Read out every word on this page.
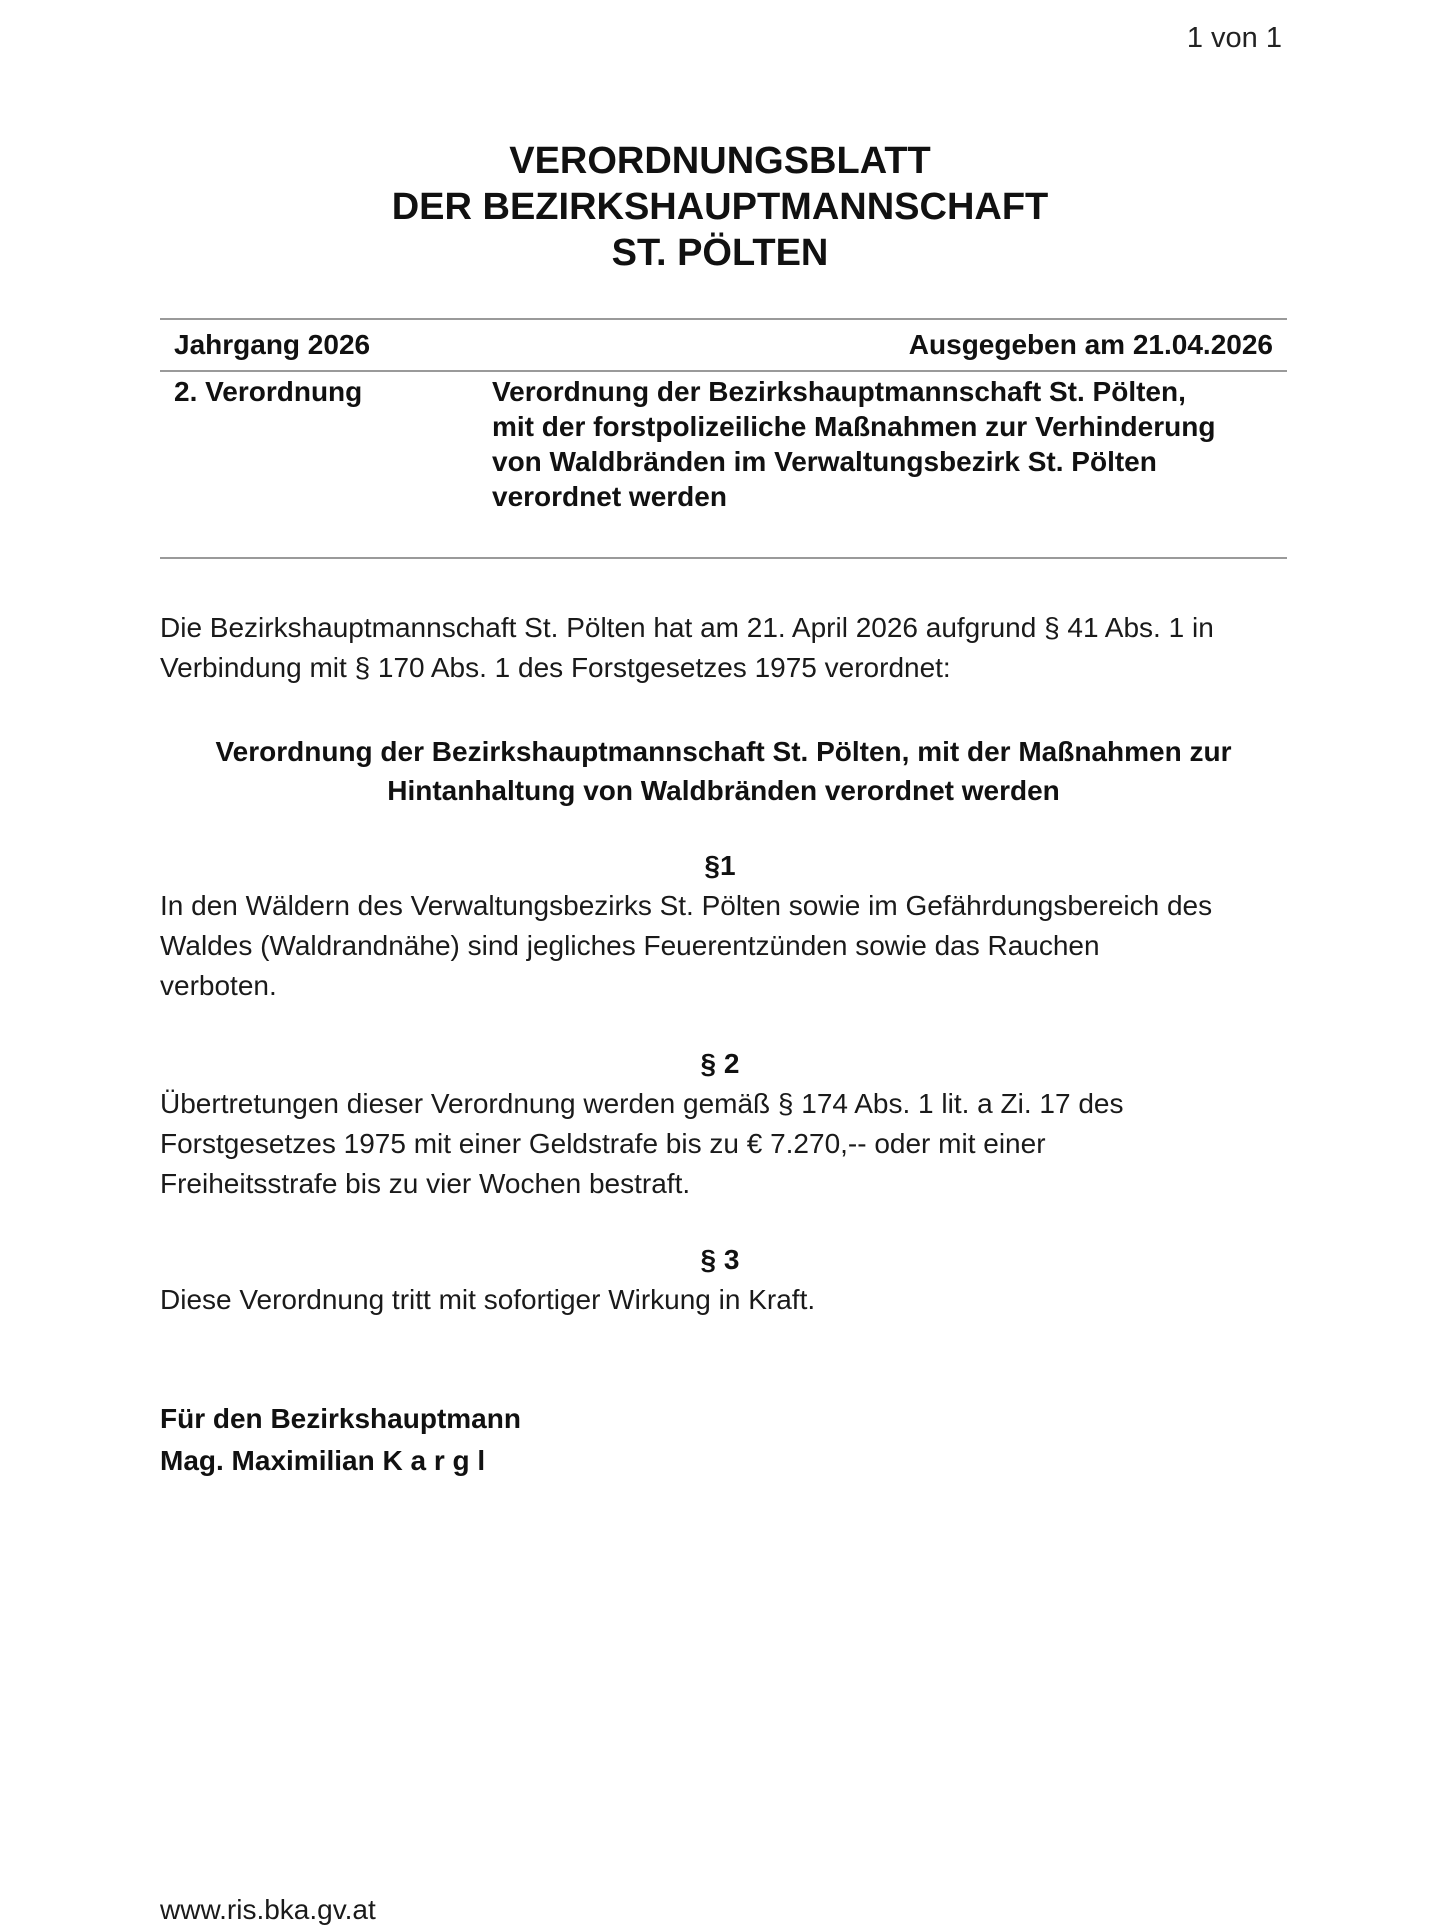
1 von 1
VERORDNUNGSBLATT
DER BEZIRKSHAUPTMANNSCHAFT
ST. PÖLTEN
Jahrgang 2026	Ausgegeben am 21.04.2026
2. Verordnung	Verordnung der Bezirkshauptmannschaft St. Pölten,
mit der forstpolizeiliche Maßnahmen zur Verhinderung
von Waldbränden im Verwaltungsbezirk St. Pölten
verordnet werden
Die Bezirkshauptmannschaft St. Pölten hat am 21. April 2026 aufgrund § 41 Abs. 1 in
Verbindung mit § 170 Abs. 1 des Forstgesetzes 1975 verordnet:
Verordnung der Bezirkshauptmannschaft St. Pölten, mit der Maßnahmen zur
Hintanhaltung von Waldbränden verordnet werden
§1
In den Wäldern des Verwaltungsbezirks St. Pölten sowie im Gefährdungsbereich des
Waldes (Waldrandnähe) sind jegliches Feuerentzünden sowie das Rauchen
verboten.
§ 2
Übertretungen dieser Verordnung werden gemäß § 174 Abs. 1 lit. a Zi. 17 des
Forstgesetzes 1975 mit einer Geldstrafe bis zu € 7.270,-- oder mit einer
Freiheitsstrafe bis zu vier Wochen bestraft.
§ 3
Diese Verordnung tritt mit sofortiger Wirkung in Kraft.
Für den Bezirkshauptmann
Mag. Maximilian K a r g l
www.ris.bka.gv.at
